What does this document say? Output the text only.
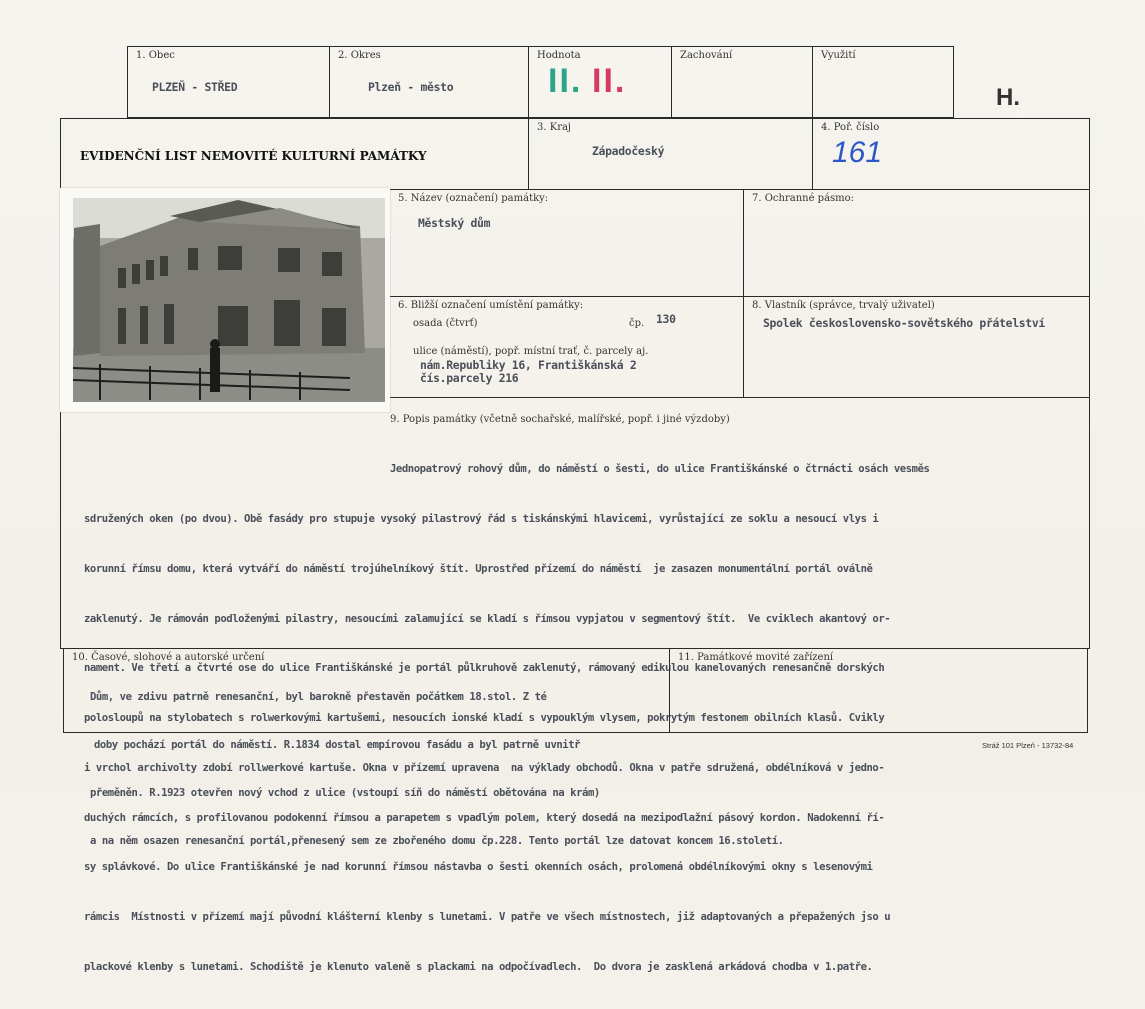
1. Obec
PLZEŇ - STŘED
2. Okres
Plzeň - město
Hodnota
II. II.
Zachování	Využití
H.
EVIDENČNÍ LIST NEMOVITÉ KULTURNÍ PAMÁTKY
3. Kraj
Západočeský
4. Poř. číslo
161
5. Název (označení) památky:
Městský dům
7. Ochranné pásmo:
6. Bližší označení umístění památky:
osada (čtvrť)	čp. 130
ulice (náměstí), popř. místní trať, č. parcely aj.
nám.Republiky 16, Františkánská 2
čís.parcely 216
8. Vlastník (správce, trvalý uživatel)
Spolek československo-sovětského přátelství
9. Popis památky (včetně sochařské, malířské, popř. i jiné výzdoby)

Jednopatrový rohový dům, do náměstí o šesti, do ulice Františkánské o čtrnácti osách vesměs

sdružených oken (po dvou). Obě fasády pro stupuje vysoký pilastrový řád s tiskánskými hlavicemi, vyrůstající ze soklu a nesoucí vlys i

korunní římsu domu, která vytváří do náměstí trojúhelníkový štít. Uprostřed přízemí do náměstí  je zasazen monumentální portál oválně

zaklenutý. Je rámován podloženými pilastry, nesoucími zalamující se kladí s římsou vypjatou v segmentový štít.  Ve cviklech akantový or-

nament. Ve třetí a čtvrté ose do ulice Františkánské je portál půlkruhově zaklenutý, rámovaný edikulou kanelovaných renesančně dorských

polosloupů na stylobatech s rolwerkovými kartušemi, nesoucích ionské kladí s vypouklým vlysem, pokrytým festonem obilních klasů. Cvikly

i vrchol archivolty zdobí rollwerkové kartuše. Okna v přízemí upravena  na výklady obchodů. Okna v patře sdružená, obdélníková v jedno-

duchých rámcích, s profilovanou podokenní římsou a parapetem s vpadlým polem, který dosedá na mezipodlažní pásový kordon. Nadokenní ří-

sy splávkové. Do ulice Františkánské je nad korunní římsou nástavba o šesti okenních osách, prolomená obdélníkovými okny s lesenovými

rámcis  Místnosti v přízemí mají původní klášterní klenby s lunetami. V patře ve všech místnostech, již adaptovaných a přepažených jso u

plackové klenby s lunetami. Schodiště je klenuto valeně s plackami na odpočívadlech.  Do dvora je zasklená arkádová chodba v 1.patře.

10. Časové, slohové a autorské určení	11. Památkové movité zařízení

Dům, ve zdivu patrně renesanční, byl barokně přestavěn počátkem 18.stol. Z té

doby pochází portál do náměstí. R.1834 dostal empírovou fasádu a byl patrně uvnitř

přeměněn. R.1923 otevřen nový vchod z ulice (vstoupí síň do náměstí obětována na krám)

a na něm osazen renesanční portál,přenesený sem ze zbořeného domu čp.228. Tento portál lze datovat koncem 16.století.

Stráž 101 Plzeň - 13732-84
